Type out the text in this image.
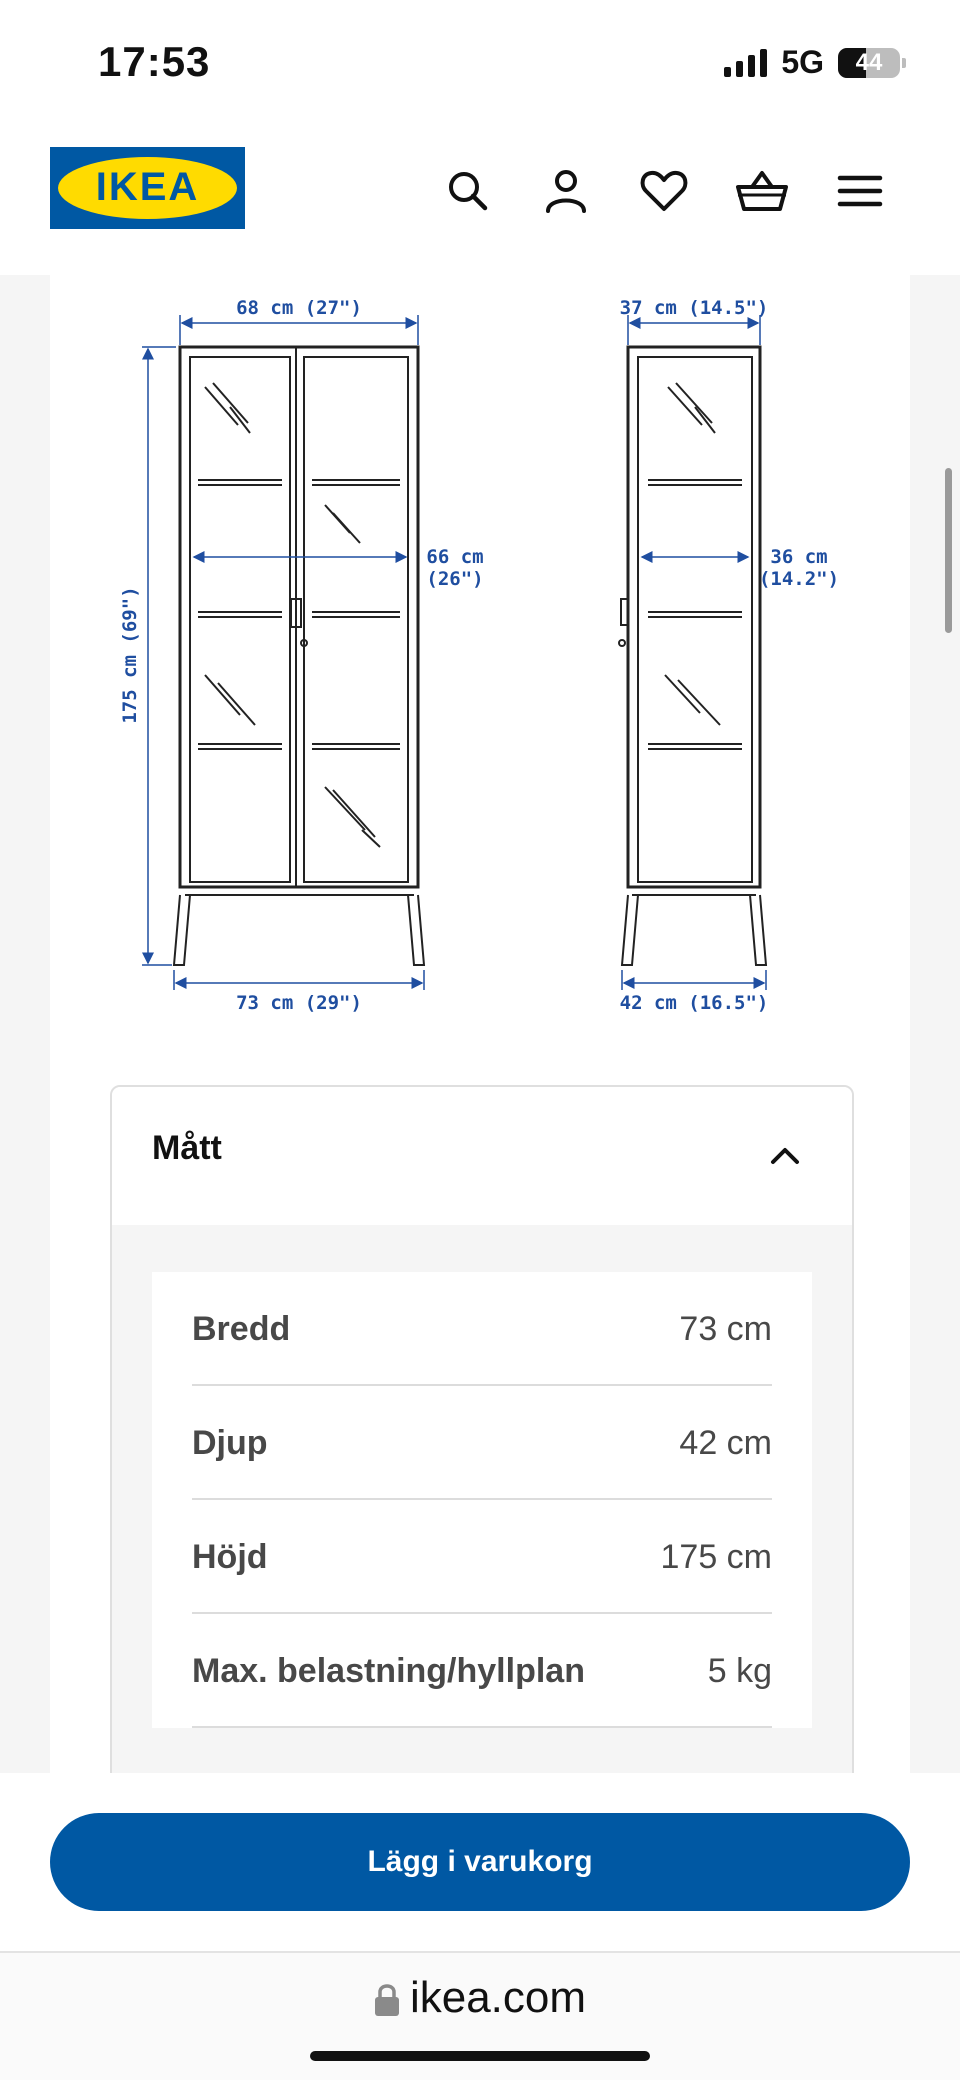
17:53	5G	44
IKEA
68 cm (27")
66 cm
(26")
73 cm (29")
175 cm (69")
37 cm (14.5")
36 cm
(14.2")
42 cm (16.5")
Mått
Bredd	73 cm
Djup	42 cm
Höjd	175 cm
Max. belastning/hyllplan	5 kg
Lägg i varukorg
ikea.com
